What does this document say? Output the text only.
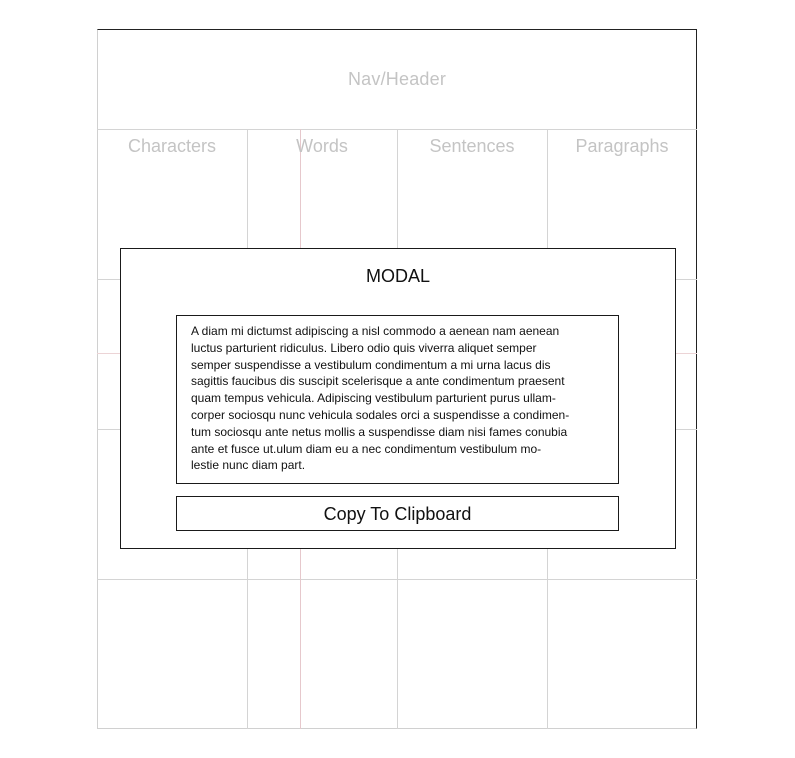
Nav/Header
Characters	Words	Sentences	Paragraphs
MODAL
A diam mi dictumst adipiscing a nisl commodo a aenean nam aenean
luctus parturient ridiculus. Libero odio quis viverra aliquet semper
semper suspendisse a vestibulum condimentum a mi urna lacus dis
sagittis faucibus dis suscipit scelerisque a ante condimentum praesent
quam tempus vehicula. Adipiscing vestibulum parturient purus ullam-
corper sociosqu nunc vehicula sodales orci a suspendisse a condimen-
tum sociosqu ante netus mollis a suspendisse diam nisi fames conubia
ante et fusce ut.ulum diam eu a nec condimentum vestibulum mo-
lestie nunc diam part.
Copy To Clipboard
